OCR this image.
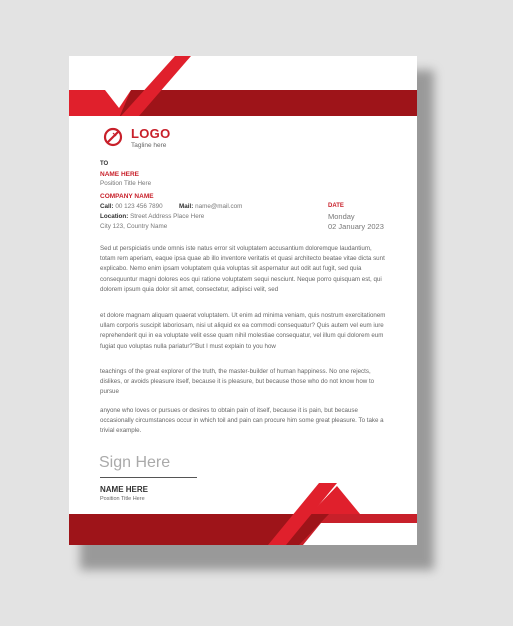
LOGO
Tagline here
TO
NAME HERE
Position Title Here
COMPANY NAME
Call: 00 123 456 7890	Mail: name@mail.com
Location: Street Address Place Here
City 123, Country Name
DATE
Monday
02 January 2023

Sed ut perspiciatis unde omnis iste natus error sit voluptatem accusantium doloremque laudantium, totam rem aperiam, eaque ipsa quae ab illo inventore veritatis et quasi architecto beatae vitae dicta sunt explicabo. Nemo enim ipsam voluptatem quia voluptas sit aspernatur aut odit aut fugit, sed quia consequuntur magni dolores eos qui ratione voluptatem sequi nesciunt. Neque porro quisquam est, qui dolorem ipsum quia dolor sit amet, consectetur, adipisci velit, sed

et dolore magnam aliquam quaerat voluptatem. Ut enim ad minima veniam, quis nostrum exercitationem ullam corporis suscipit laboriosam, nisi ut aliquid ex ea commodi consequatur? Quis autem vel eum iure reprehenderit qui in ea voluptate velit esse quam nihil molestiae consequatur, vel illum qui dolorem eum fugiat quo voluptas nulla pariatur?"But I must explain to you how

teachings of the great explorer of the truth, the master-builder of human happiness. No one rejects, dislikes, or avoids pleasure itself, because it is pleasure, but because those who do not know how to pursue

anyone who loves or pursues or desires to obtain pain of itself, because it is pain, but because occasionally circumstances occur in which toil and pain can procure him some great pleasure. To take a trivial example.

Sign Here
NAME HERE
Position Title Here
